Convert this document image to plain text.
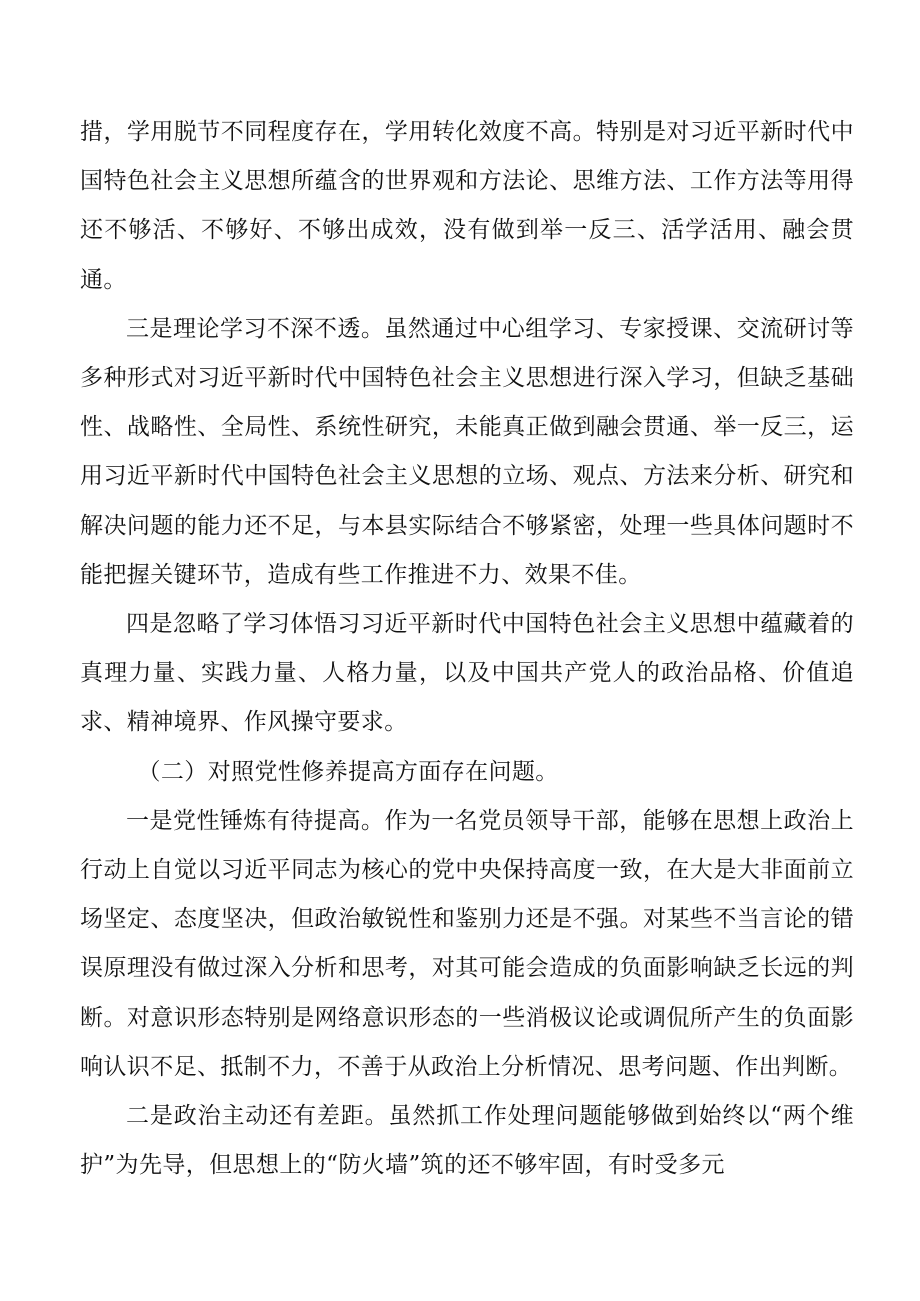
措，学用脱节不同程度存在，学用转化效度不高。特别是对习近平新时代中国特色社会主义思想所蕴含的世界观和方法论、思维方法、工作方法等用得还不够活、不够好、不够出成效，没有做到举一反三、活学活用、融会贯通。

三是理论学习不深不透。虽然通过中心组学习、专家授课、交流研讨等多种形式对习近平新时代中国特色社会主义思想进行深入学习，但缺乏基础性、战略性、全局性、系统性研究，未能真正做到融会贯通、举一反三，运用习近平新时代中国特色社会主义思想的立场、观点、方法来分析、研究和解决问题的能力还不足，与本县实际结合不够紧密，处理一些具体问题时不能把握关键环节，造成有些工作推进不力、效果不佳。

四是忽略了学习体悟习习近平新时代中国特色社会主义思想中蕴藏着的真理力量、实践力量、人格力量，以及中国共产党人的政治品格、价值追求、精神境界、作风操守要求。

（二）对照党性修养提高方面存在问题。

一是党性锤炼有待提高。作为一名党员领导干部，能够在思想上政治上行动上自觉以习近平同志为核心的党中央保持高度一致，在大是大非面前立场坚定、态度坚决，但政治敏锐性和鉴别力还是不强。对某些不当言论的错误原理没有做过深入分析和思考，对其可能会造成的负面影响缺乏长远的判断。对意识形态特别是网络意识形态的一些消极议论或调侃所产生的负面影响认识不足、抵制不力，不善于从政治上分析情况、思考问题、作出判断。

二是政治主动还有差距。虽然抓工作处理问题能够做到始终以“两个维护”为先导，但思想上的“防火墙”筑的还不够牢固，有时受多元
